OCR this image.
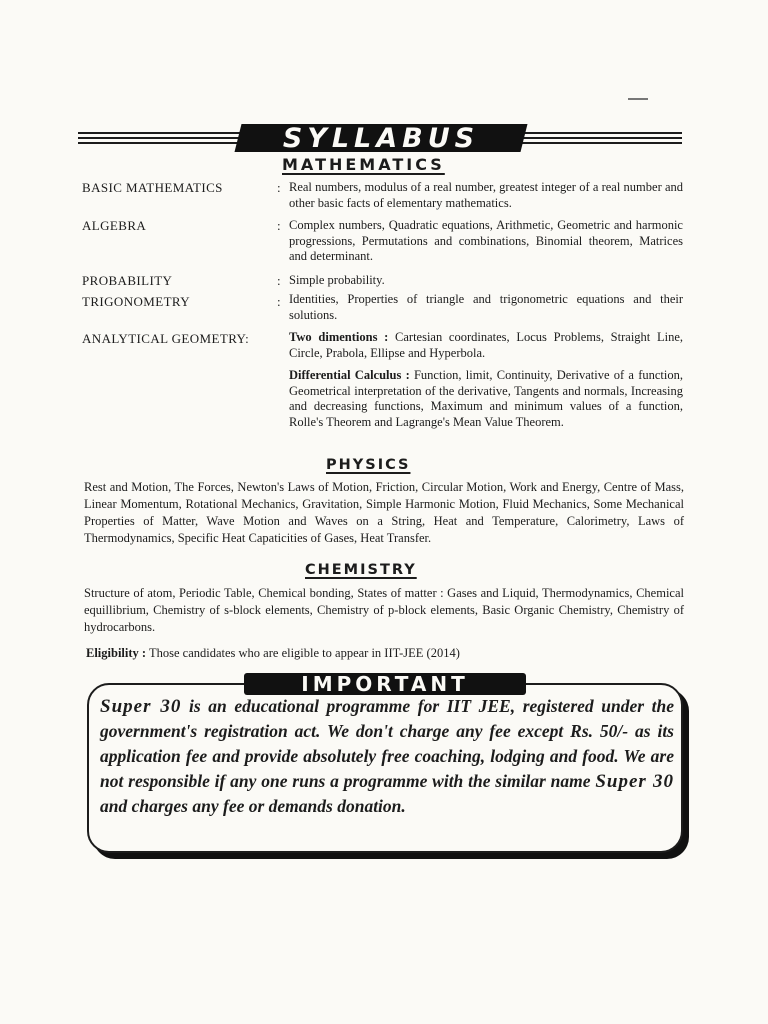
SYLLABUS
MATHEMATICS
BASIC MATHEMATICS	: Real numbers, modulus of a real number, greatest integer of a real number and other basic facts of elementary mathematics.
ALGEBRA	: Complex numbers, Quadratic equations, Arithmetic, Geometric and harmonic progressions, Permutations and combinations, Binomial theorem, Matrices and determinant.
PROBABILITY	: Simple probability.
TRIGONOMETRY	: Identities, Properties of triangle and trigonometric equations and their solutions.
ANALYTICAL GEOMETRY:	Two dimentions : Cartesian coordinates, Locus Problems, Straight Line, Circle, Prabola, Ellipse and Hyperbola.
Differential Calculus : Function, limit, Continuity, Derivative of a function, Geometrical interpretation of the derivative, Tangents and normals, Increasing and decreasing functions, Maximum and minimum values of a function, Rolle's Theorem and Lagrange's Mean Value Theorem.
PHYSICS
Rest and Motion, The Forces, Newton's Laws of Motion, Friction, Circular Motion, Work and Energy, Centre of Mass, Linear Momentum, Rotational Mechanics, Gravitation, Simple Harmonic Motion, Fluid Mechanics, Some Mechanical Properties of Matter, Wave Motion and Waves on a String, Heat and Temperature, Calorimetry, Laws of Thermodynamics, Specific Heat Capaticities of Gases, Heat Transfer.
CHEMISTRY
Structure of atom, Periodic Table, Chemical bonding, States of matter : Gases and Liquid, Thermodynamics, Chemical equillibrium, Chemistry of s-block elements, Chemistry of p-block elements, Basic Organic Chemistry, Chemistry of hydrocarbons.
Eligibility : Those candidates who are eligible to appear in IIT-JEE (2014)
IMPORTANT
Super 30 is an educational programme for IIT JEE, registered under the government's registration act. We don't charge any fee except Rs. 50/- as its application fee and provide absolutely free coaching, lodging and food. We are not responsible if any one runs a programme with the similar name Super 30 and charges any fee or demands donation.
